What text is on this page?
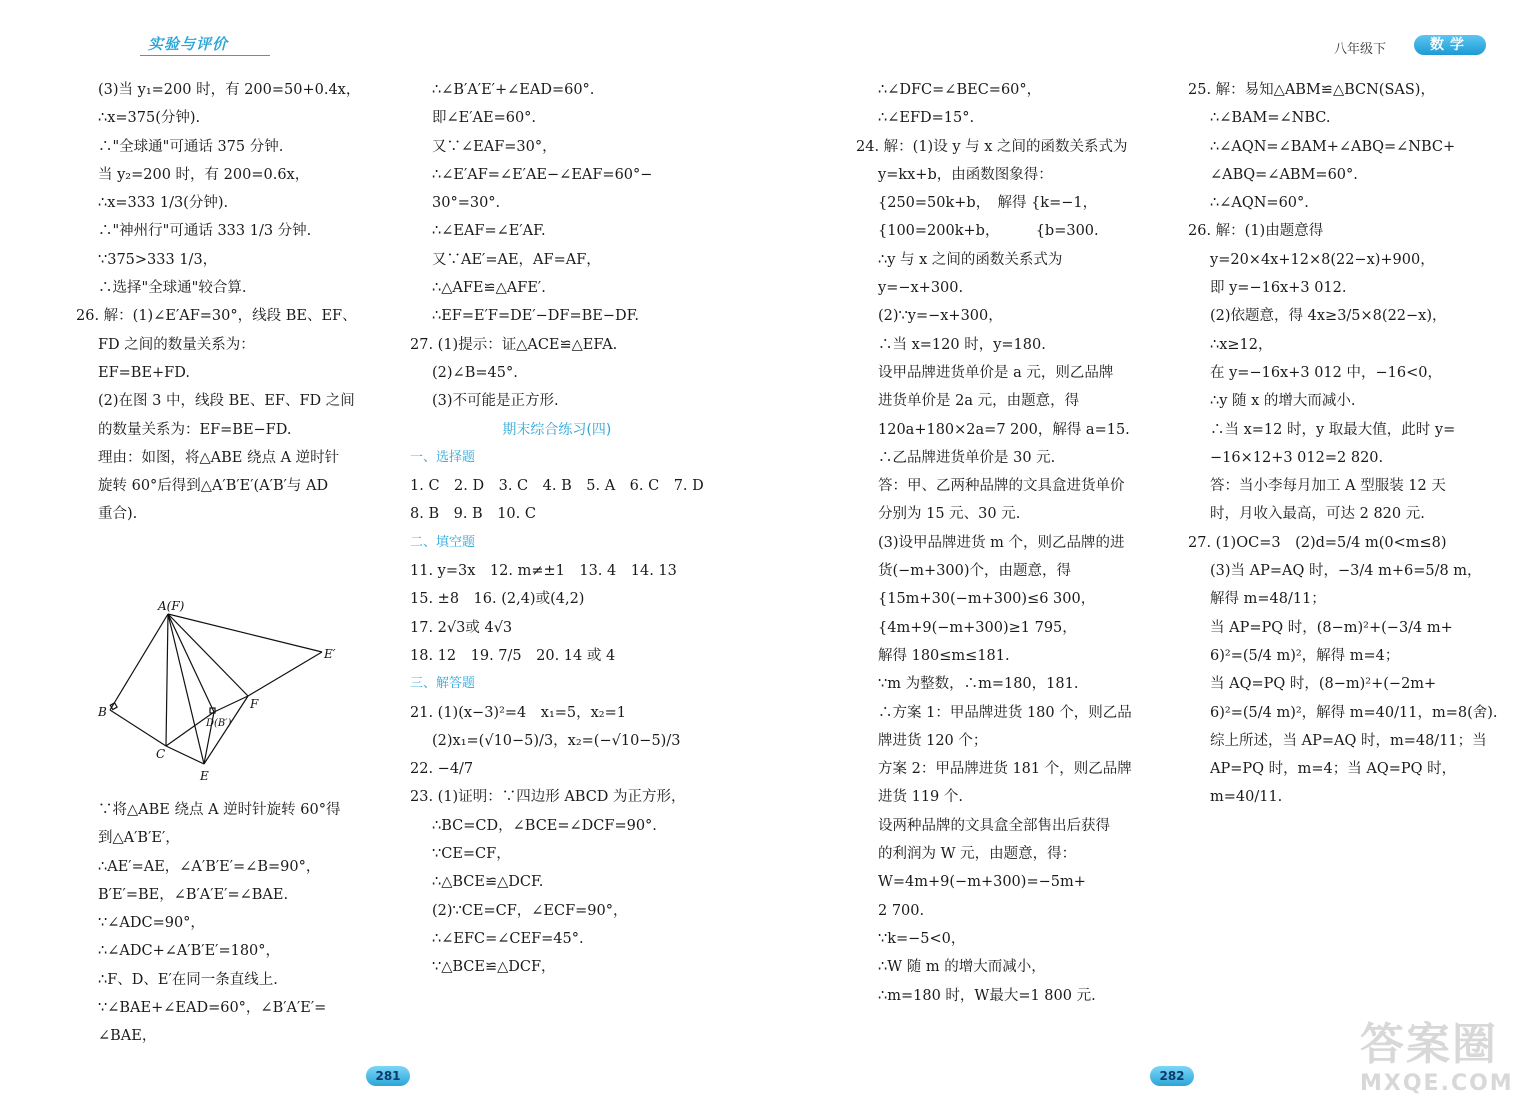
实验与评价	八年级下	数学
(3)当 y₁=200 时，有 200=50+0.4x，
∴x=375(分钟).
∴"全球通"可通话 375 分钟.
当 y₂=200 时，有 200=0.6x，
∴x=333 1/3(分钟).
∴"神州行"可通话 333 1/3 分钟.
∵375>333 1/3，
∴选择"全球通"较合算.
26. 解：(1)∠E′AF=30°，线段 BE、EF、
FD 之间的数量关系为：
EF=BE+FD.
(2)在图 3 中，线段 BE、EF、FD 之间
的数量关系为：EF=BE−FD.
理由：如图，将△ABE 绕点 A 逆时针
旋转 60°后得到△A′B′E′(A′B′与 AD
重合).
A(F)
B
C
E
D(B′)
F
E′
∵将△ABE 绕点 A 逆时针旋转 60°得
到△A′B′E′，
∴AE′=AE，∠A′B′E′=∠B=90°，
B′E′=BE，∠B′A′E′=∠BAE.
∵∠ADC=90°，
∴∠ADC+∠A′B′E′=180°，
∴F、D、E′在同一条直线上.
∵∠BAE+∠EAD=60°，∠B′A′E′=
∠BAE，
∴∠B′A′E′+∠EAD=60°.
即∠E′AE=60°.
又∵∠EAF=30°，
∴∠E′AF=∠E′AE−∠EAF=60°−
30°=30°.
∴∠EAF=∠E′AF.
又∵AE′=AE，AF=AF，
∴△AFE≌△AFE′.
∴EF=E′F=DE′−DF=BE−DF.
27. (1)提示：证△ACE≌△EFA.
(2)∠B=45°.
(3)不可能是正方形.
期末综合练习(四)
一、选择题
1. C　2. D　3. C　4. B　5. A　6. C　7. D
8. B　9. B　10. C
二、填空题
11. y=3x　12. m≠±1　13. 4　14. 13
15. ±8　16. (2,4)或(4,2)
17. 2√3或 4√3
18. 12　19. 7/5　20. 14 或 4
三、解答题
21. (1)(x−3)²=4　x₁=5，x₂=1
(2)x₁=(√10−5)/3，x₂=(−√10−5)/3
22. −4/7
23. (1)证明：∵四边形 ABCD 为正方形，
∴BC=CD，∠BCE=∠DCF=90°.
∵CE=CF，
∴△BCE≌△DCF.
(2)∵CE=CF，∠ECF=90°，
∴∠EFC=∠CEF=45°.
∵△BCE≌△DCF，
∴∠DFC=∠BEC=60°，
∴∠EFD=15°.
24. 解：(1)设 y 与 x 之间的函数关系式为
y=kx+b，由函数图象得：
{250=50k+b，　解得 {k=−1，
{100=200k+b，　　　{b=300.
∴y 与 x 之间的函数关系式为
y=−x+300.
(2)∵y=−x+300，
∴当 x=120 时，y=180.
设甲品牌进货单价是 a 元，则乙品牌
进货单价是 2a 元，由题意，得
120a+180×2a=7 200，解得 a=15.
∴乙品牌进货单价是 30 元.
答：甲、乙两种品牌的文具盒进货单价
分别为 15 元、30 元.
(3)设甲品牌进货 m 个，则乙品牌的进
货(−m+300)个，由题意，得
{15m+30(−m+300)≤6 300，
{4m+9(−m+300)≥1 795，
解得 180≤m≤181.
∵m 为整数，∴m=180，181.
∴方案 1：甲品牌进货 180 个，则乙品
牌进货 120 个；
方案 2：甲品牌进货 181 个，则乙品牌
进货 119 个.
设两种品牌的文具盒全部售出后获得
的利润为 W 元，由题意，得：
W=4m+9(−m+300)=−5m+
2 700.
∵k=−5<0，
∴W 随 m 的增大而减小，
∴m=180 时，W最大=1 800 元.
25. 解：易知△ABM≌△BCN(SAS)，
∴∠BAM=∠NBC.
∴∠AQN=∠BAM+∠ABQ=∠NBC+
∠ABQ=∠ABM=60°.
∴∠AQN=60°.
26. 解：(1)由题意得
y=20×4x+12×8(22−x)+900，
即 y=−16x+3 012.
(2)依题意，得 4x≥3/5×8(22−x)，
∴x≥12，
在 y=−16x+3 012 中，−16<0，
∴y 随 x 的增大而减小.
∴当 x=12 时，y 取最大值，此时 y=
−16×12+3 012=2 820.
答：当小李每月加工 A 型服装 12 天
时，月收入最高，可达 2 820 元.
27. (1)OC=3　(2)d=5/4 m(0<m≤8)
(3)当 AP=AQ 时，−3/4 m+6=5/8 m，
解得 m=48/11；
当 AP=PQ 时，(8−m)²+(−3/4 m+
6)²=(5/4 m)²，解得 m=4；
当 AQ=PQ 时，(8−m)²+(−2m+
6)²=(5/4 m)²，解得 m=40/11，m=8(舍).
综上所述，当 AP=AQ 时，m=48/11；当
AP=PQ 时，m=4；当 AQ=PQ 时，
m=40/11.
281	282
答案圈
MXQE.COM
